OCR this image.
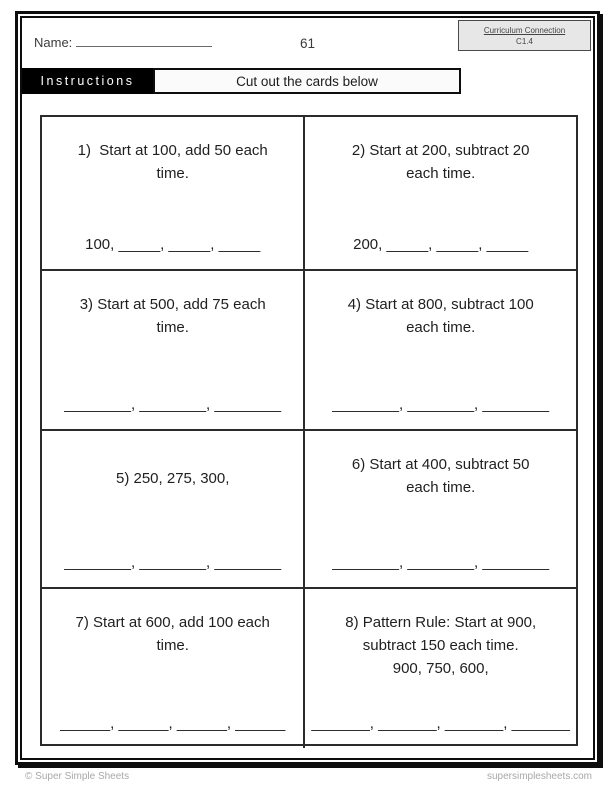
Name:	61
Curriculum Connection
C1.4
Instructions	Cut out the cards below
1)  Start at 100, add 50 each
time.
100, _____, _____, _____
2) Start at 200, subtract 20
each time.
200, _____, _____, _____
3) Start at 500, add 75 each
time.
________, ________, ________
4) Start at 800, subtract 100
each time.
________, ________, ________
5) 250, 275, 300,
________, ________, ________
6) Start at 400, subtract 50
each time.
________, ________, ________
7) Start at 600, add 100 each
time.
______, ______, ______, ______
8) Pattern Rule: Start at 900,
subtract 150 each time.
900, 750, 600,
_______, _______, _______, _______
© Super Simple Sheets	supersimplesheets.com
